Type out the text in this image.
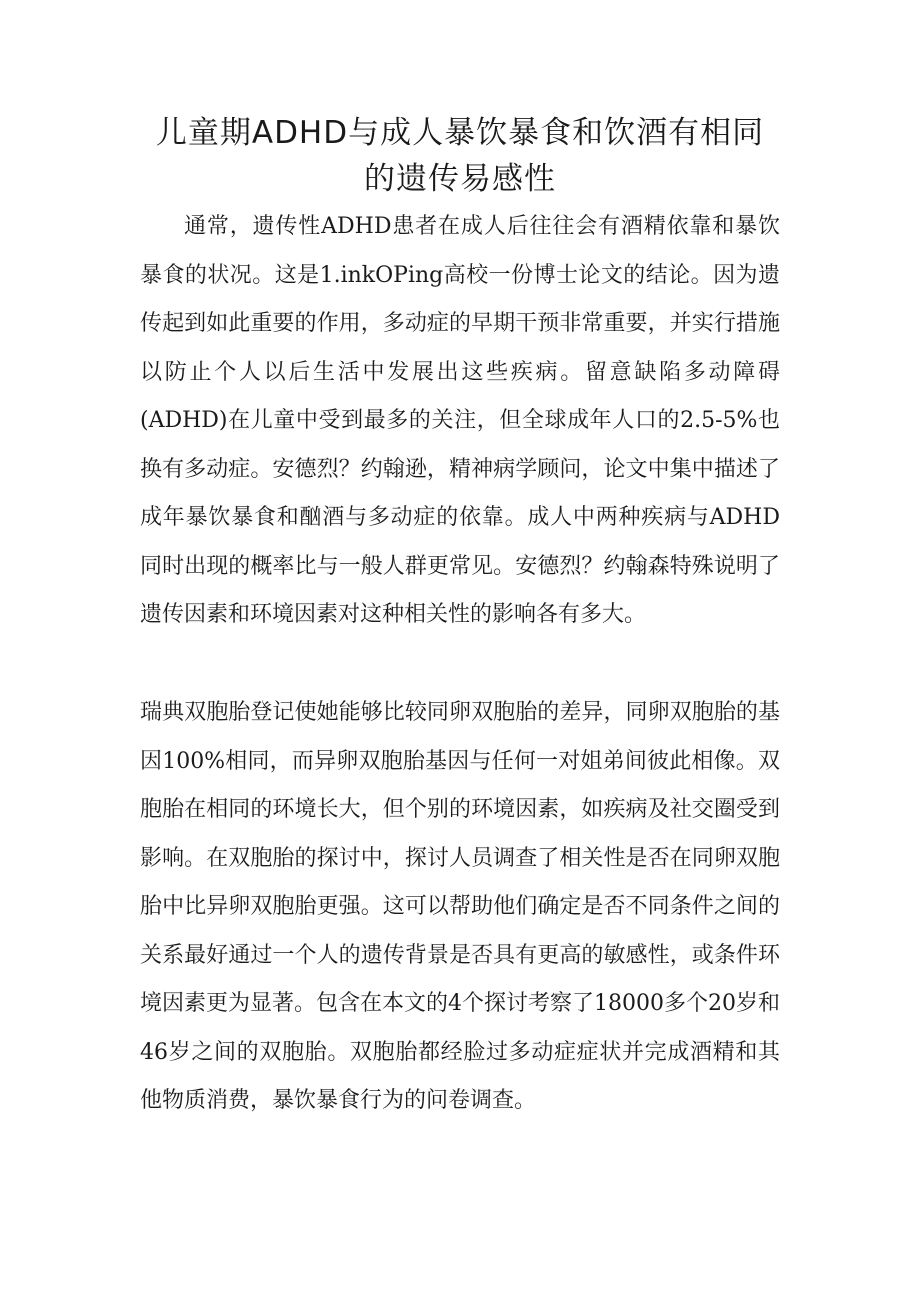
儿童期ADHD与成人暴饮暴食和饮酒有相同的遗传易感性

通常，遗传性ADHD患者在成人后往往会有酒精依靠和暴饮暴食的状况。这是1.inkOPing高校一份博士论文的结论。因为遗传起到如此重要的作用，多动症的早期干预非常重要，并实行措施以防止个人以后生活中发展出这些疾病。留意缺陷多动障碍(ADHD)在儿童中受到最多的关注，但全球成年人口的2.5-5%也换有多动症。安德烈？约翰逊，精神病学顾问，论文中集中描述了成年暴饮暴食和酗酒与多动症的依靠。成人中两种疾病与ADHD同时出现的概率比与一般人群更常见。安德烈？约翰森特殊说明了遗传因素和环境因素对这种相关性的影响各有多大。

瑞典双胞胎登记使她能够比较同卵双胞胎的差异，同卵双胞胎的基因100%相同，而异卵双胞胎基因与任何一对姐弟间彼此相像。双胞胎在相同的环境长大，但个别的环境因素，如疾病及社交圈受到影响。在双胞胎的探讨中，探讨人员调查了相关性是否在同卵双胞胎中比异卵双胞胎更强。这可以帮助他们确定是否不同条件之间的关系最好通过一个人的遗传背景是否具有更高的敏感性，或条件环境因素更为显著。包含在本文的4个探讨考察了18000多个20岁和46岁之间的双胞胎。双胞胎都经脸过多动症症状并完成酒精和其他物质消费，暴饮暴食行为的问卷调查。
